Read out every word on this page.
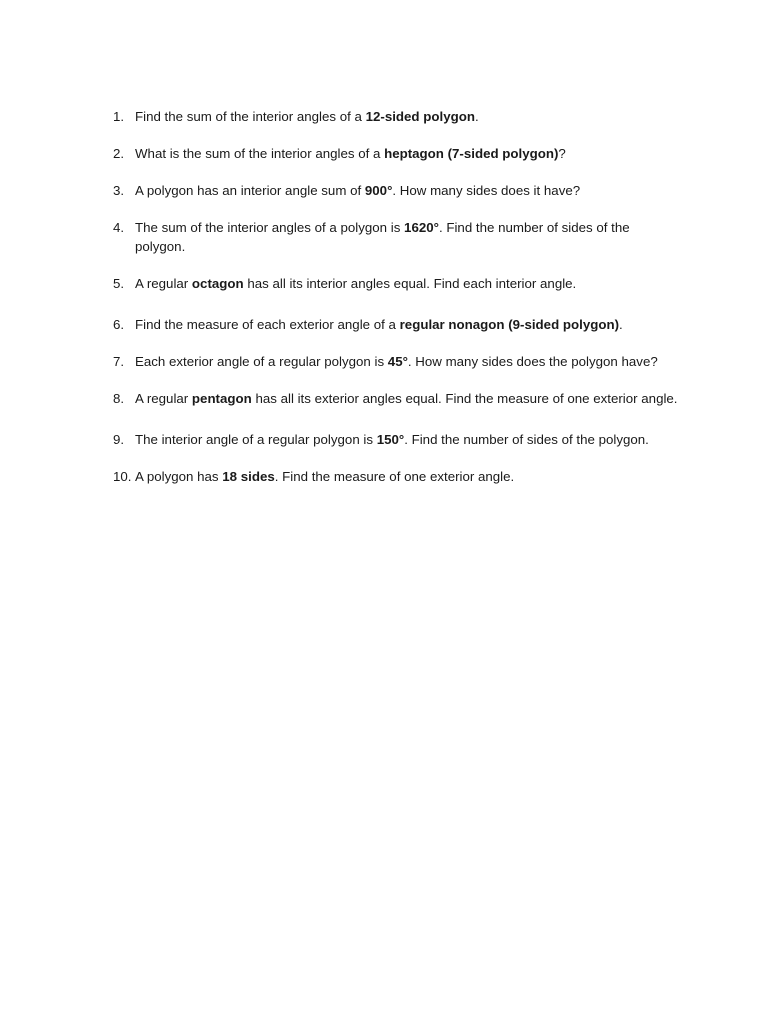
1. Find the sum of the interior angles of a 12-sided polygon.
2. What is the sum of the interior angles of a heptagon (7-sided polygon)?
3. A polygon has an interior angle sum of 900°. How many sides does it have?
4. The sum of the interior angles of a polygon is 1620°. Find the number of sides of the polygon.
5. A regular octagon has all its interior angles equal. Find each interior angle.
6. Find the measure of each exterior angle of a regular nonagon (9-sided polygon).
7. Each exterior angle of a regular polygon is 45°. How many sides does the polygon have?
8. A regular pentagon has all its exterior angles equal. Find the measure of one exterior angle.
9. The interior angle of a regular polygon is 150°. Find the number of sides of the polygon.
10. A polygon has 18 sides. Find the measure of one exterior angle.
